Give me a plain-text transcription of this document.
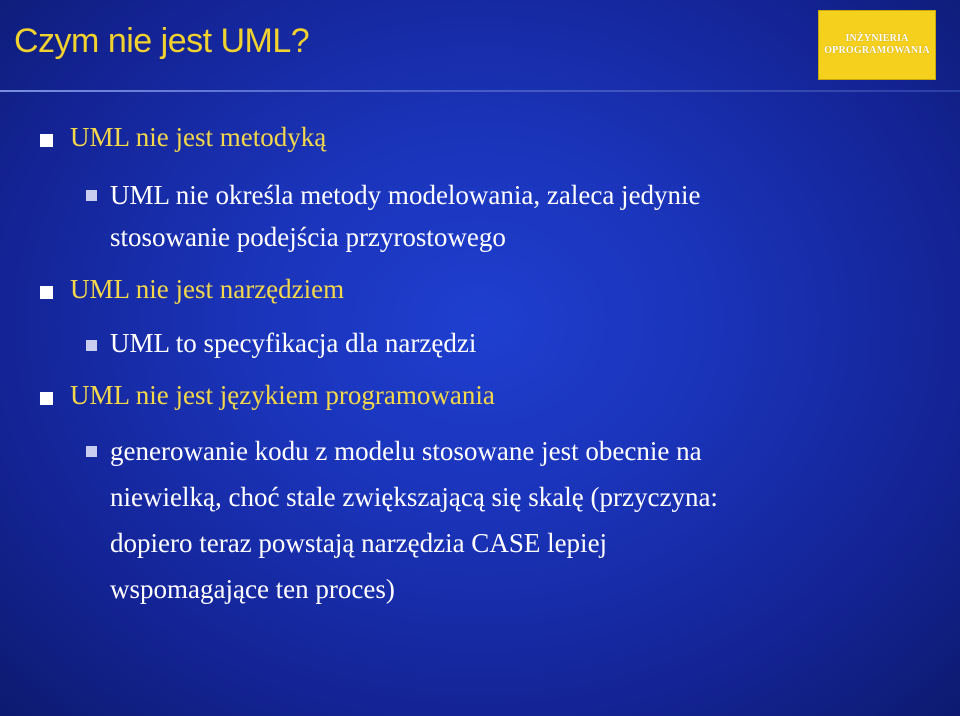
Czym nie jest UML?	INŻYNIERIA
OPROGRAMOWANIA
UML nie jest metodyką
UML nie określa metody modelowania, zaleca jedynie
stosowanie podejścia przyrostowego
UML nie jest narzędziem
UML to specyfikacja dla narzędzi
UML nie jest językiem programowania
generowanie kodu z modelu stosowane jest obecnie na
niewielką, choć stale zwiększającą się skalę (przyczyna:
dopiero teraz powstają narzędzia CASE lepiej
wspomagające ten proces)
